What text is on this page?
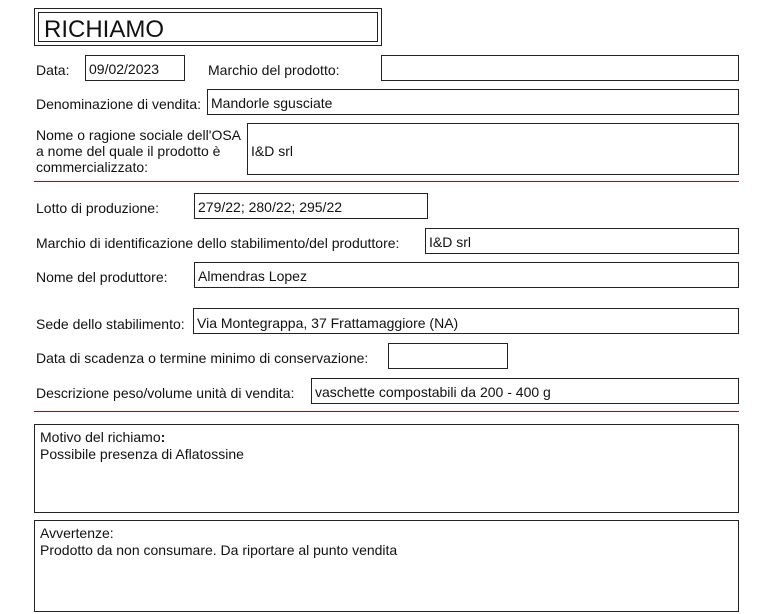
RICHIAMO
Data: 09/02/2023	Marchio del prodotto:
Denominazione di vendita: Mandorle sgusciate
Nome o ragione sociale dell'OSA
a nome del quale il prodotto è
commercializzato:
I&D srl
Lotto di produzione:	279/22; 280/22; 295/22
Marchio di identificazione dello stabilimento/del produttore: I&D srl
Nome del produttore: Almendras Lopez
Sede dello stabilimento: Via Montegrappa, 37 Frattamaggiore (NA)
Data di scadenza o termine minimo di conservazione:
Descrizione peso/volume unità di vendita: vaschette compostabili da 200 - 400 g
Motivo del richiamo:
Possibile presenza di Aflatossine
Avvertenze:
Prodotto da non consumare. Da riportare al punto vendita
